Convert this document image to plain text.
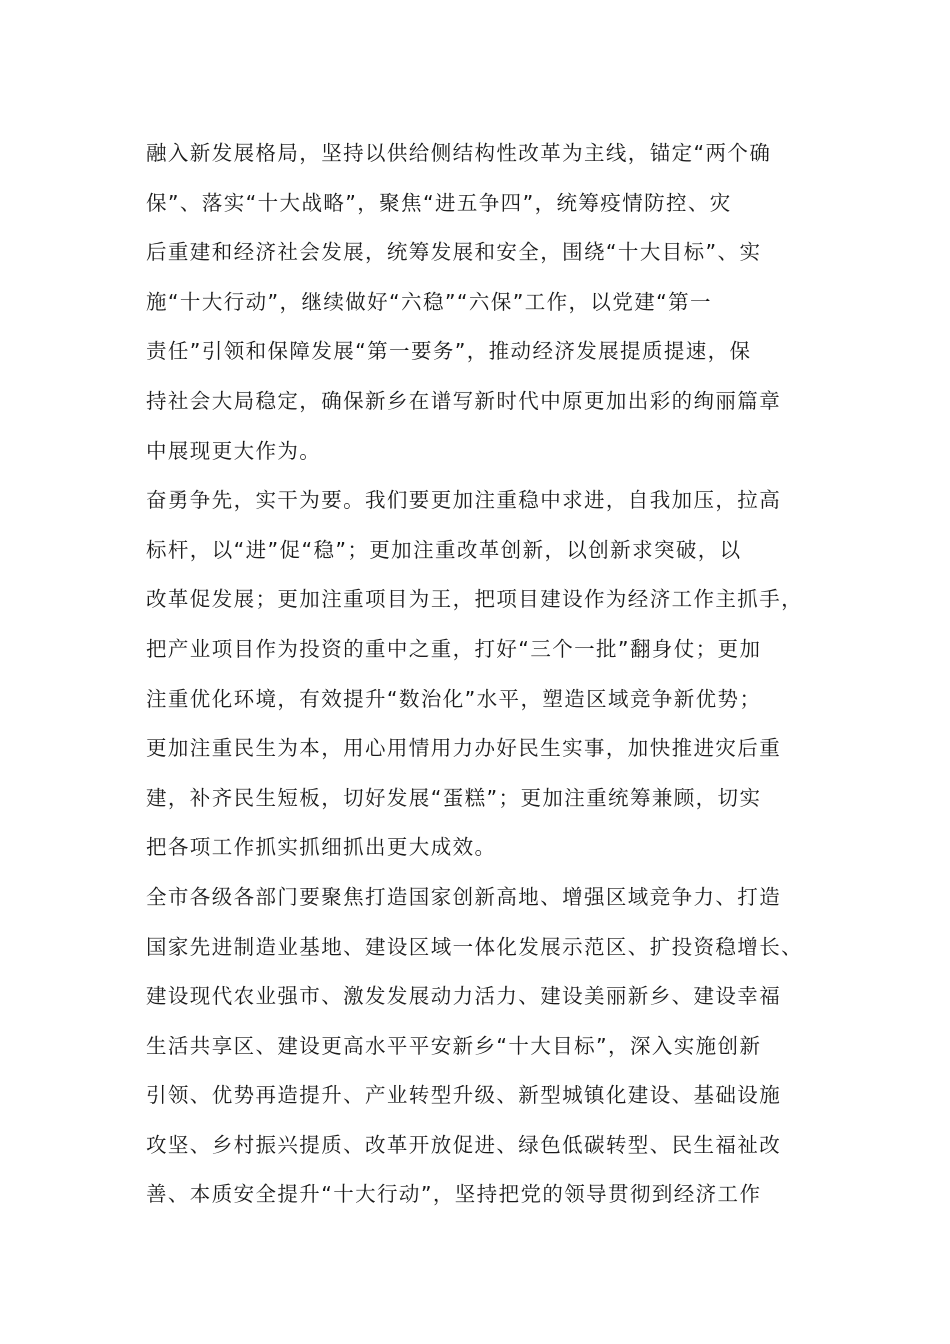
融入新发展格局，坚持以供给侧结构性改革为主线，锚定“两个确
保”、落实“十大战略”，聚焦“进五争四”，统筹疫情防控、灾
后重建和经济社会发展，统筹发展和安全，围绕“十大目标”、实
施“十大行动”，继续做好“六稳”“六保”工作，以党建“第一
责任”引领和保障发展“第一要务”，推动经济发展提质提速，保
持社会大局稳定，确保新乡在谱写新时代中原更加出彩的绚丽篇章
中展现更大作为。
奋勇争先，实干为要。我们要更加注重稳中求进，自我加压，拉高
标杆，以“进”促“稳”；更加注重改革创新，以创新求突破，以
改革促发展；更加注重项目为王，把项目建设作为经济工作主抓手，
把产业项目作为投资的重中之重，打好“三个一批”翻身仗；更加
注重优化环境，有效提升“数治化”水平，塑造区域竞争新优势；
更加注重民生为本，用心用情用力办好民生实事，加快推进灾后重
建，补齐民生短板，切好发展“蛋糕”；更加注重统筹兼顾，切实
把各项工作抓实抓细抓出更大成效。
全市各级各部门要聚焦打造国家创新高地、增强区域竞争力、打造
国家先进制造业基地、建设区域一体化发展示范区、扩投资稳增长、
建设现代农业强市、激发发展动力活力、建设美丽新乡、建设幸福
生活共享区、建设更高水平平安新乡“十大目标”，深入实施创新
引领、优势再造提升、产业转型升级、新型城镇化建设、基础设施
攻坚、乡村振兴提质、改革开放促进、绿色低碳转型、民生福祉改
善、本质安全提升“十大行动”，坚持把党的领导贯彻到经济工作
